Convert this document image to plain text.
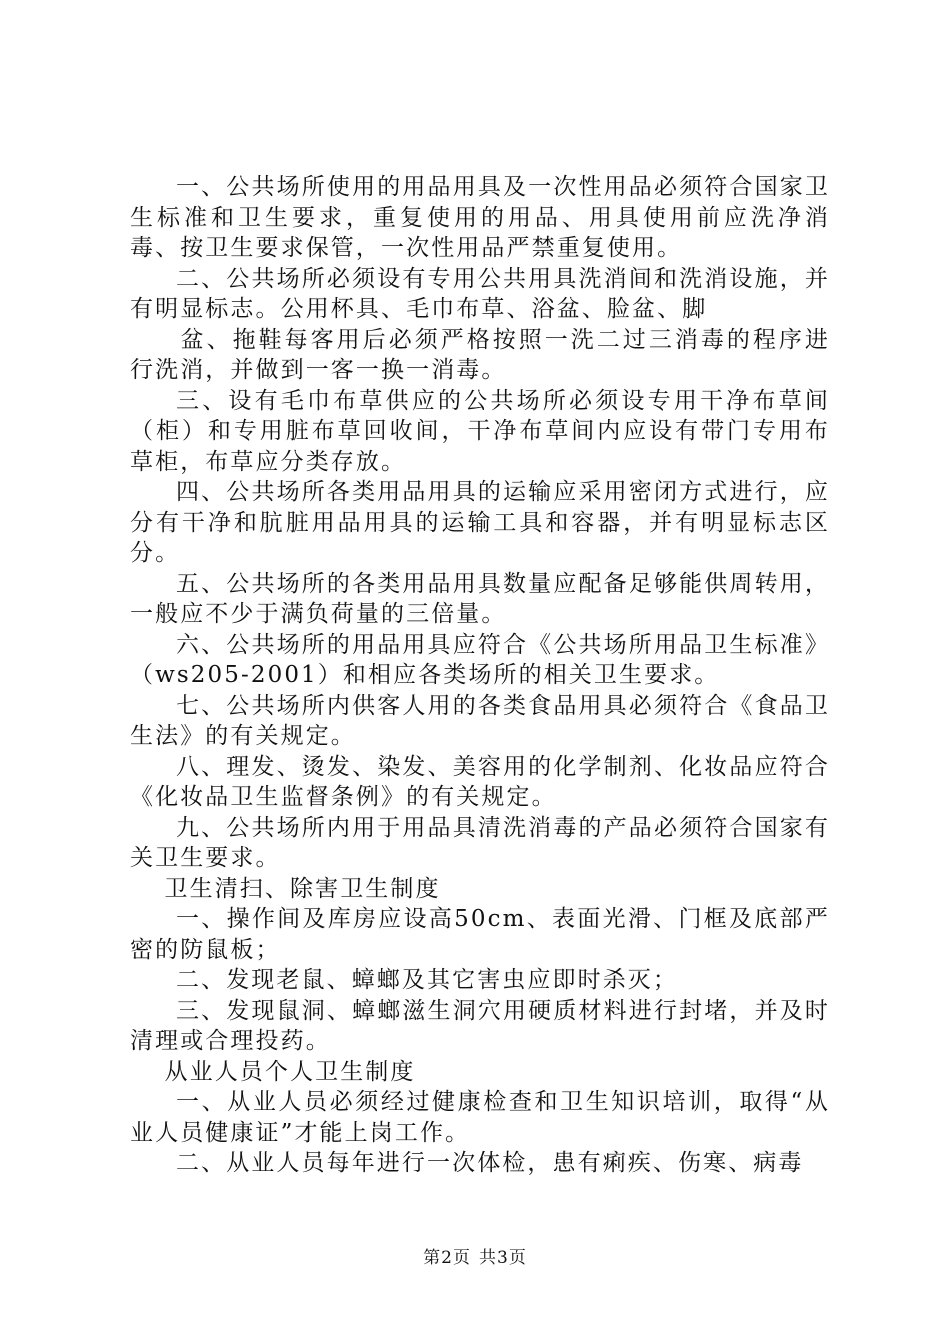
一、公共场所使用的用品用具及一次性用品必须符合国家卫生标准和卫生要求，重复使用的用品、用具使用前应洗净消毒、按卫生要求保管，一次性用品严禁重复使用。

二、公共场所必须设有专用公共用具洗消间和洗消设施，并有明显标志。公用杯具、毛巾布草、浴盆、脸盆、脚

盆、拖鞋每客用后必须严格按照一洗二过三消毒的程序进行洗消，并做到一客一换一消毒。

三、设有毛巾布草供应的公共场所必须设专用干净布草间（柜）和专用脏布草回收间，干净布草间内应设有带门专用布草柜，布草应分类存放。

四、公共场所各类用品用具的运输应采用密闭方式进行，应分有干净和肮脏用品用具的运输工具和容器，并有明显标志区分。

五、公共场所的各类用品用具数量应配备足够能供周转用，一般应不少于满负荷量的三倍量。

六、公共场所的用品用具应符合《公共场所用品卫生标准》（ws205-2001）和相应各类场所的相关卫生要求。

七、公共场所内供客人用的各类食品用具必须符合《食品卫生法》的有关规定。

八、理发、烫发、染发、美容用的化学制剂、化妆品应符合《化妆品卫生监督条例》的有关规定。

九、公共场所内用于用品具清洗消毒的产品必须符合国家有关卫生要求。

卫生清扫、除害卫生制度

一、操作间及库房应设高50cm、表面光滑、门框及底部严密的防鼠板；

二、发现老鼠、蟑螂及其它害虫应即时杀灭；

三、发现鼠洞、蟑螂滋生洞穴用硬质材料进行封堵，并及时清理或合理投药。

从业人员个人卫生制度

一、从业人员必须经过健康检查和卫生知识培训，取得“从业人员健康证”才能上岗工作。

二、从业人员每年进行一次体检，患有痢疾、伤寒、病毒

第2页 共3页
